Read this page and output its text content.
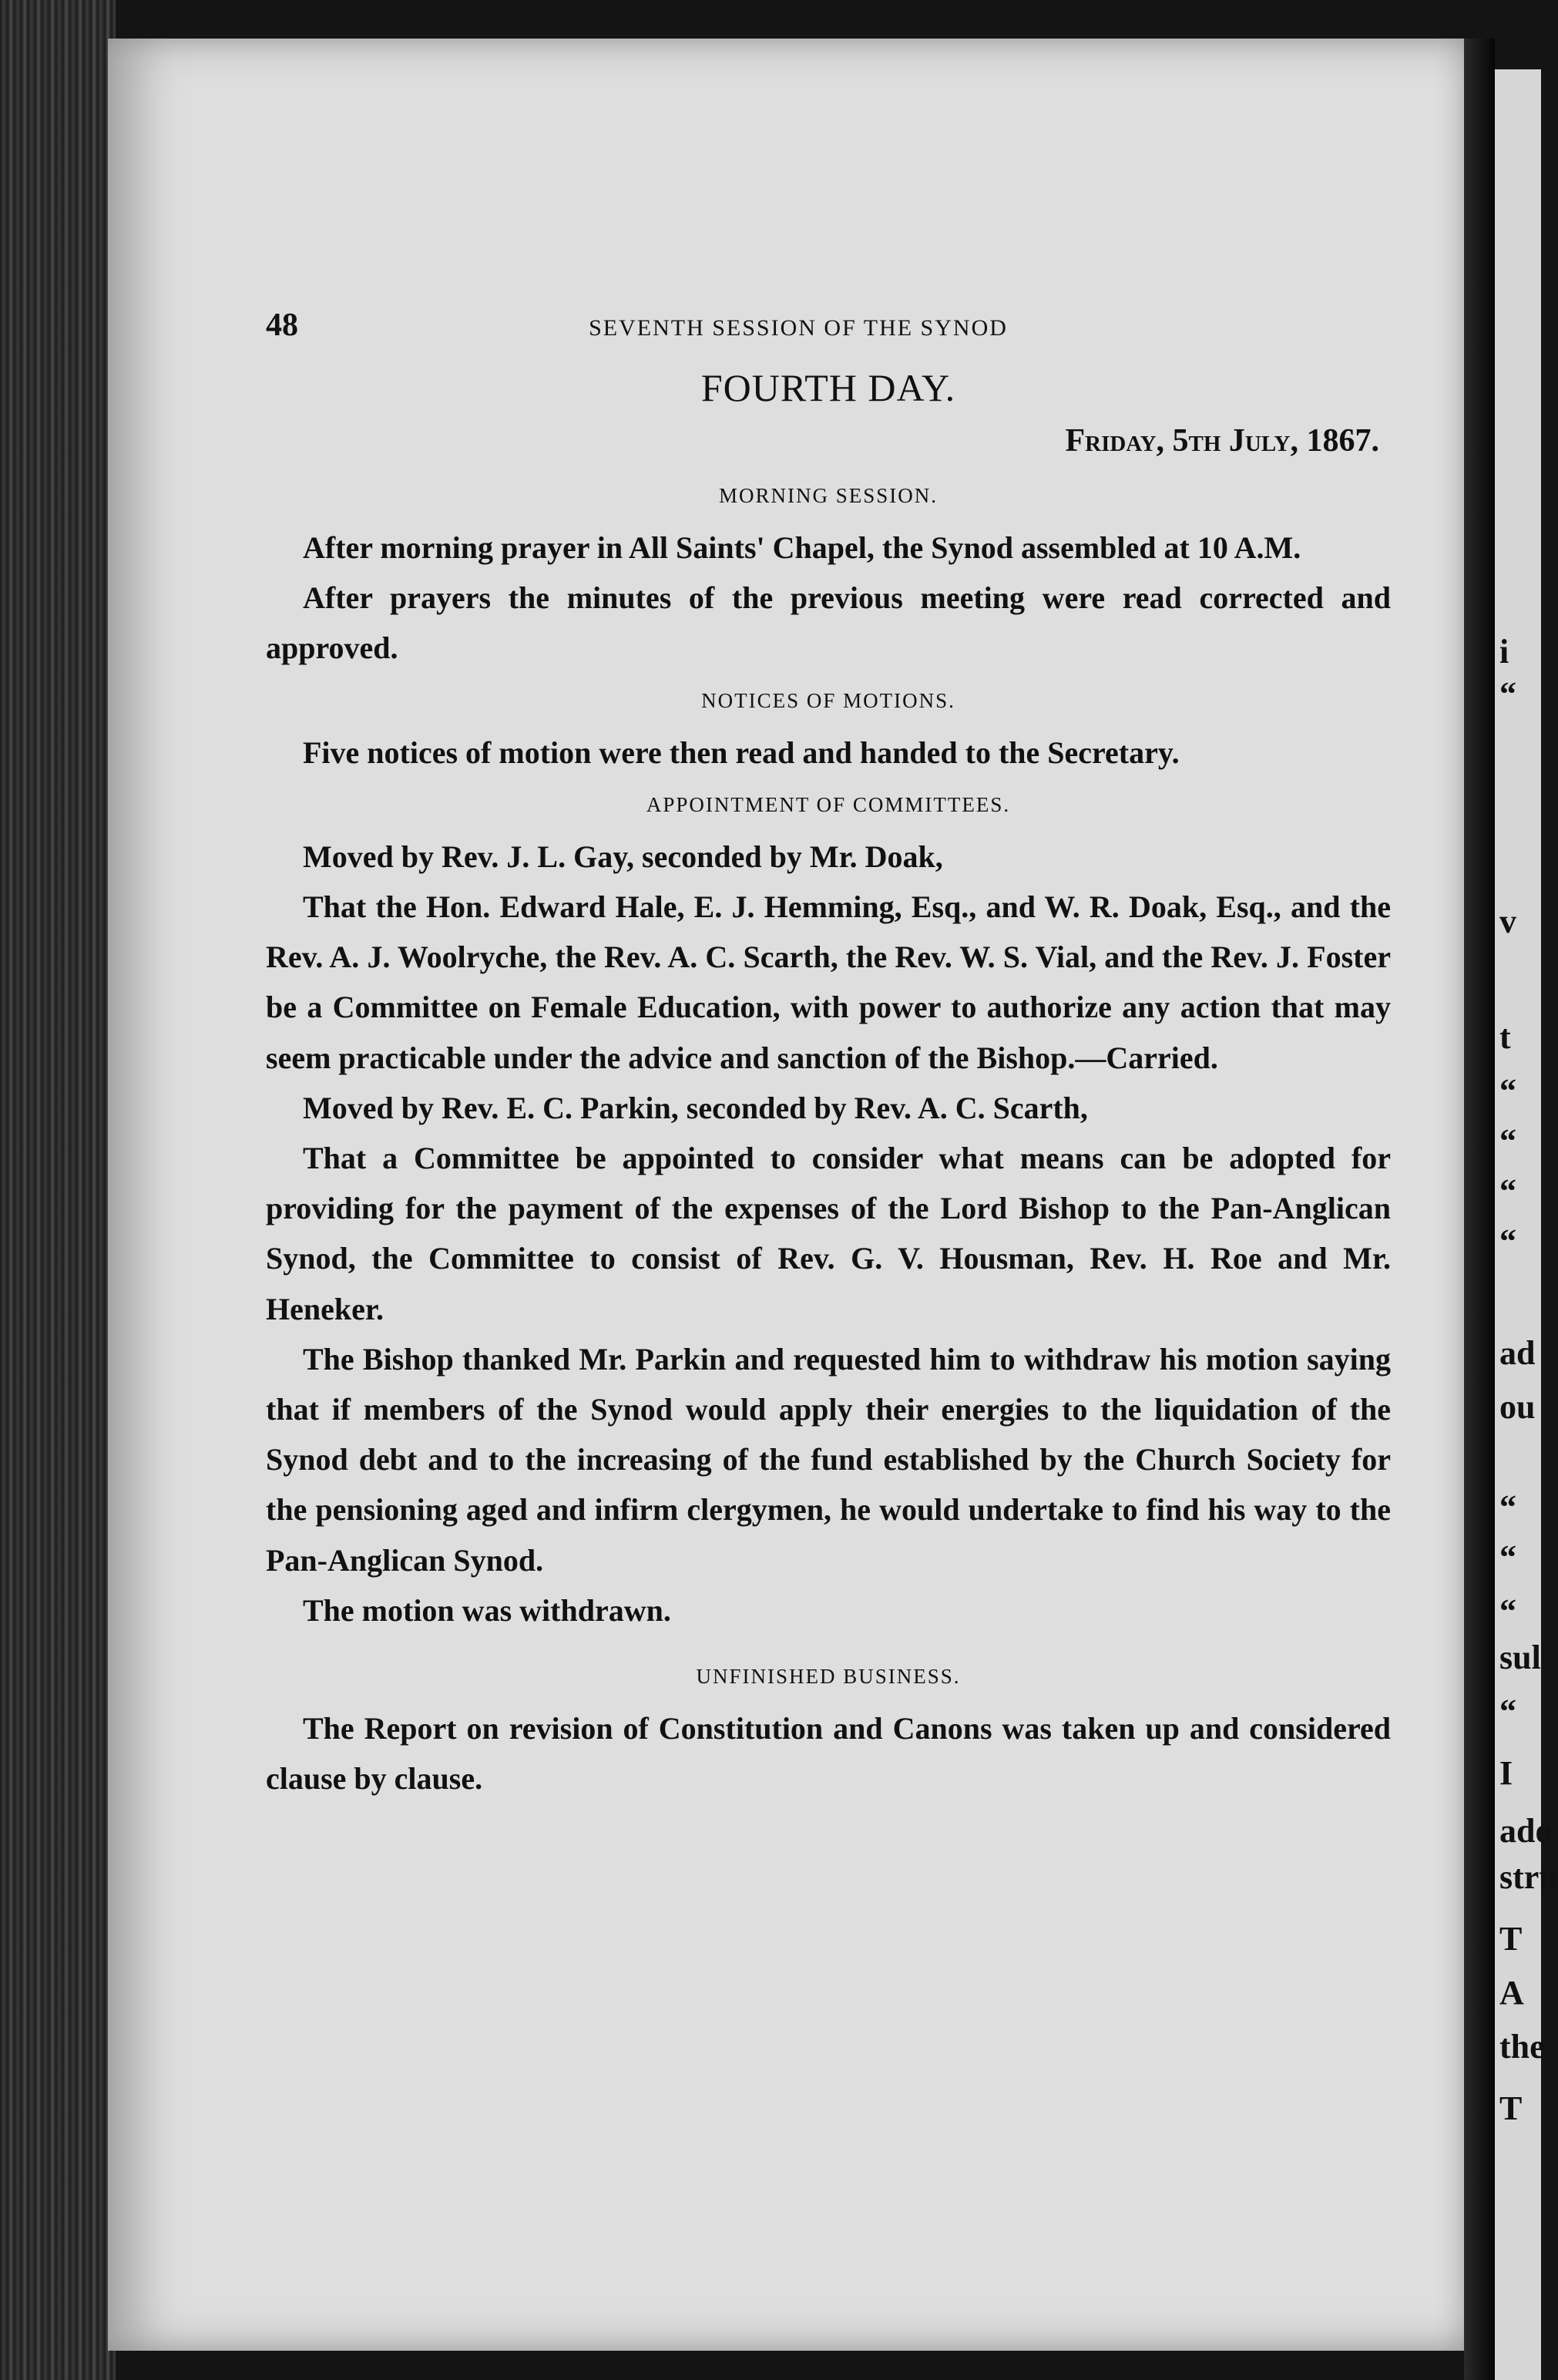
i
“
v
t
“
“
“
“
ad
ou
“
“
“
sul
“
I
ado
stru
T
A
the
T
48	SEVENTH SESSION OF THE SYNOD
FOURTH DAY.
Friday, 5th July, 1867.
MORNING SESSION.

After morning prayer in All Saints' Chapel, the Synod assembled at 10 A.M.

After prayers the minutes of the previous meeting were read corrected and approved.

NOTICES OF MOTIONS.

Five notices of motion were then read and handed to the Secretary.

APPOINTMENT OF COMMITTEES.

Moved by Rev. J. L. Gay, seconded by Mr. Doak,

That the Hon. Edward Hale, E. J. Hemming, Esq., and W. R. Doak, Esq., and the Rev. A. J. Woolryche, the Rev. A. C. Scarth, the Rev. W. S. Vial, and the Rev. J. Foster be a Committee on Female Education, with power to authorize any action that may seem practicable under the advice and sanction of the Bishop.—Carried.

Moved by Rev. E. C. Parkin, seconded by Rev. A. C. Scarth,

That a Committee be appointed to consider what means can be adopted for providing for the payment of the expenses of the Lord Bishop to the Pan-Anglican Synod, the Committee to consist of Rev. G. V. Housman, Rev. H. Roe and Mr. Heneker.

The Bishop thanked Mr. Parkin and requested him to withdraw his motion saying that if members of the Synod would apply their energies to the liquidation of the Synod debt and to the increasing of the fund established by the Church Society for the pensioning aged and infirm clergymen, he would undertake to find his way to the Pan-Anglican Synod.

The motion was withdrawn.

UNFINISHED BUSINESS.

The Report on revision of Constitution and Canons was taken up and considered clause by clause.
